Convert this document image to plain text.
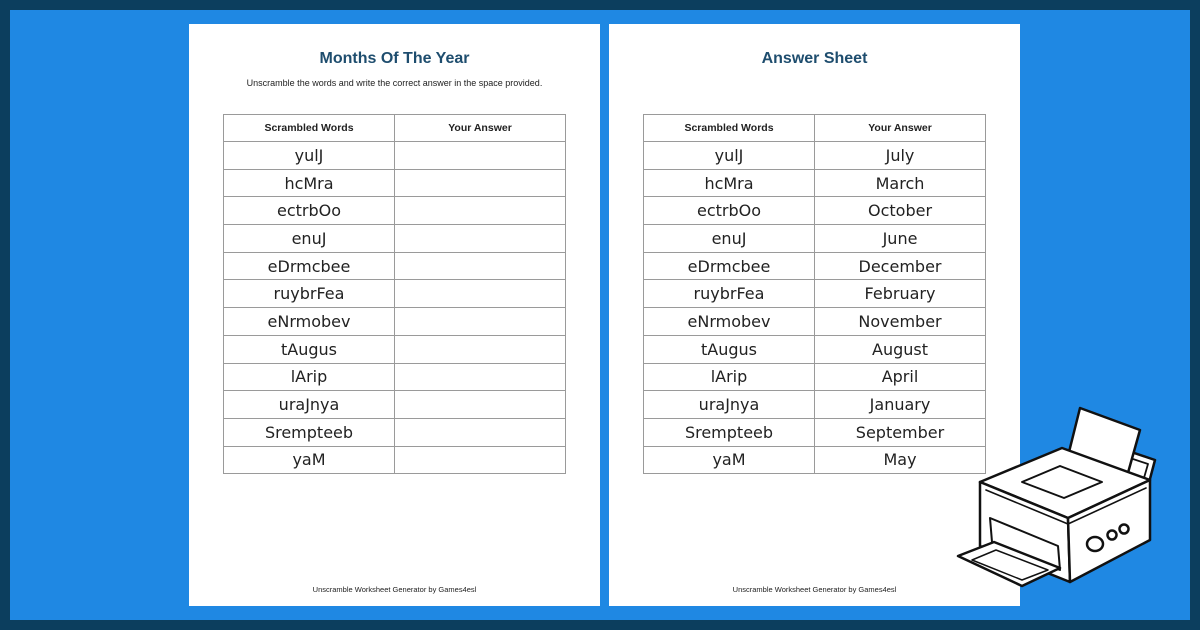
Months Of The Year
Unscramble the words and write the correct answer in the space provided.
Scrambled Words	Your Answer
yulJ	
hcMra	
ectrbOo	
enuJ	
eDrmcbee	
ruybrFea	
eNrmobev	
tAugus	
lArip	
uraJnya	
Srempteeb	
yaM	
Unscramble Worksheet Generator by Games4esl
Answer Sheet
Scrambled Words	Your Answer
yulJ	July
hcMra	March
ectrbOo	October
enuJ	June
eDrmcbee	December
ruybrFea	February
eNrmobev	November
tAugus	August
lArip	April
uraJnya	January
Srempteeb	September
yaM	May
Unscramble Worksheet Generator by Games4esl
